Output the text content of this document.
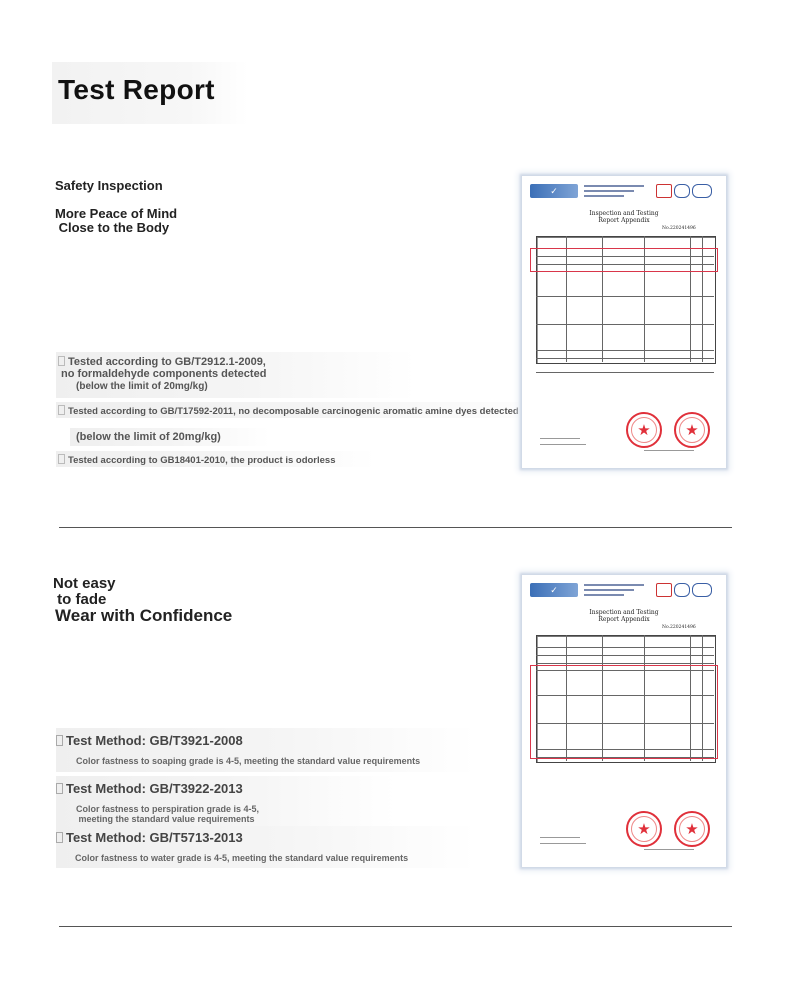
Test Report

Safety Inspection

More Peace of Mind
Close to the Body

Tested according to GB/T2912.1-2009,
no formaldehyde components detected

(below the limit of 20mg/kg)

Tested according to GB/T17592-2011, no decomposable carcinogenic aromatic amine dyes detected

(below the limit of 20mg/kg)

Tested according to GB18401-2010, the product is odorless

✓
Inspection and Testing
Report Appendix
No.220241496
★	★

Not easy
to fade

Wear with Confidence

Test Method: GB/T3921-2008

Color fastness to soaping grade is 4-5, meeting the standard value requirements

Test Method: GB/T3922-2013

Color fastness to perspiration grade is 4-5,
meeting the standard value requirements

Test Method: GB/T5713-2013

Color fastness to water grade is 4-5, meeting the standard value requirements

✓
Inspection and Testing
Report Appendix
No.220241496
★	★
